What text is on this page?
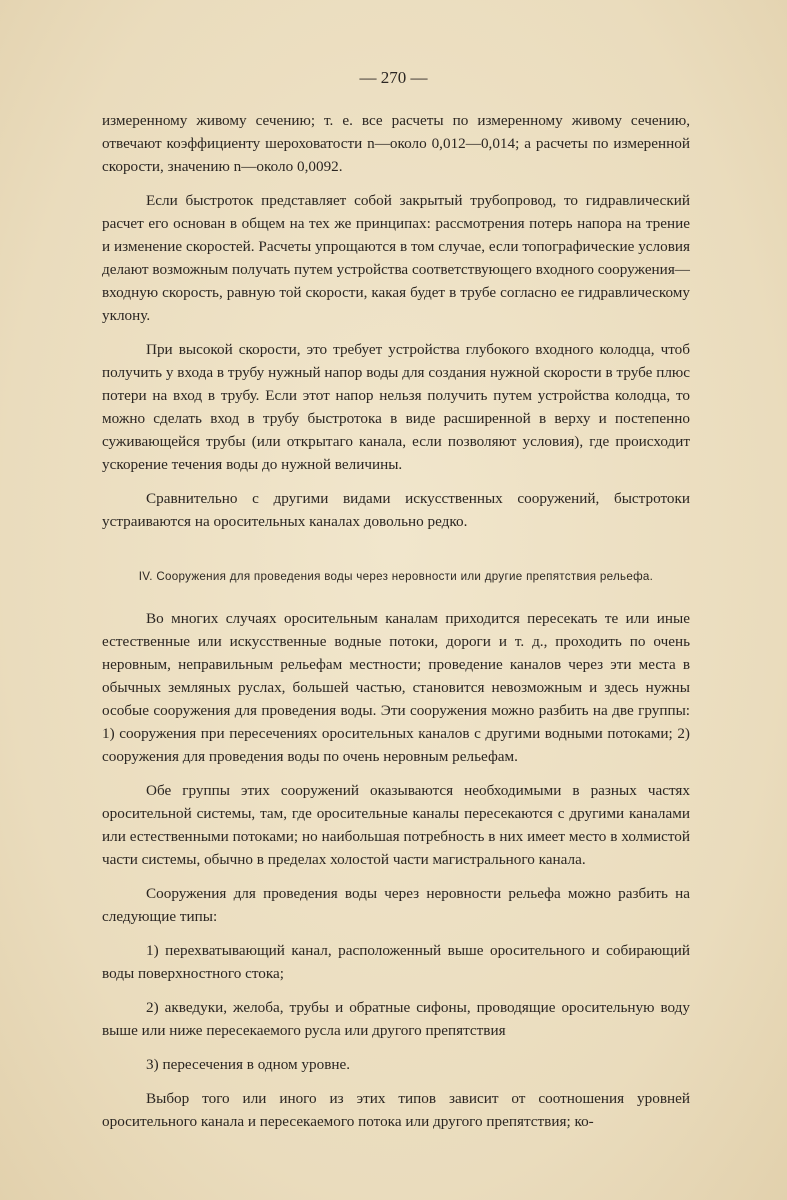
— 270 —

измеренному живому сечению; т. е. все расчеты по измеренному живому сечению, отвечают коэффициенту шероховатости n—около 0,012—0,014; а расчеты по измеренной скорости, значению n—около 0,0092.

Если быстроток представляет собой закрытый трубопровод, то гидравлический расчет его основан в общем на тех же принципах: рассмотрения потерь напора на трение и изменение скоростей. Расчеты упрощаются в том случае, если топографические условия делают возможным получать путем устройства соответствующего входного сооружения—входную скорость, равную той скорости, какая будет в трубе согласно ее гидравлическому уклону.

При высокой скорости, это требует устройства глубокого входного колодца, чтоб получить у входа в трубу нужный напор воды для создания нужной скорости в трубе плюс потери на вход в трубу. Если этот напор нельзя получить путем устройства колодца, то можно сделать вход в трубу быстротока в виде расширенной в верху и постепенно суживающейся трубы (или открытаго канала, если позволяют условия), где происходит ускорение течения воды до нужной величины.

Сравнительно с другими видами искусственных сооружений, быстротоки устраиваются на оросительных каналах довольно редко.

IV. Сооружения для проведения воды через неровности или другие препятствия рельефа.

Во многих случаях оросительным каналам приходится пересекать те или иные естественные или искусственные водные потоки, дороги и т. д., проходить по очень неровным, неправильным рельефам местности; проведение каналов через эти места в обычных земляных руслах, большей частью, становится невозможным и здесь нужны особые сооружения для проведения воды. Эти сооружения можно разбить на две группы: 1) сооружения при пересечениях оросительных каналов с другими водными потоками; 2) сооружения для проведения воды по очень неровным рельефам.

Обе группы этих сооружений оказываются необходимыми в разных частях оросительной системы, там, где оросительные каналы пересекаются с другими каналами или естественными потоками; но наибольшая потребность в них имеет место в холмистой части системы, обычно в пределах холостой части магистрального канала.

Сооружения для проведения воды через неровности рельефа можно разбить на следующие типы:

1) перехватывающий канал, расположенный выше оросительного и собирающий воды поверхностного стока;

2) акведуки, желоба, трубы и обратные сифоны, проводящие оросительную воду выше или ниже пересекаемого русла или другого препятствия

3) пересечения в одном уровне.

Выбор того или иного из этих типов зависит от соотношения уровней оросительного канала и пересекаемого потока или другого препятствия; ко-
